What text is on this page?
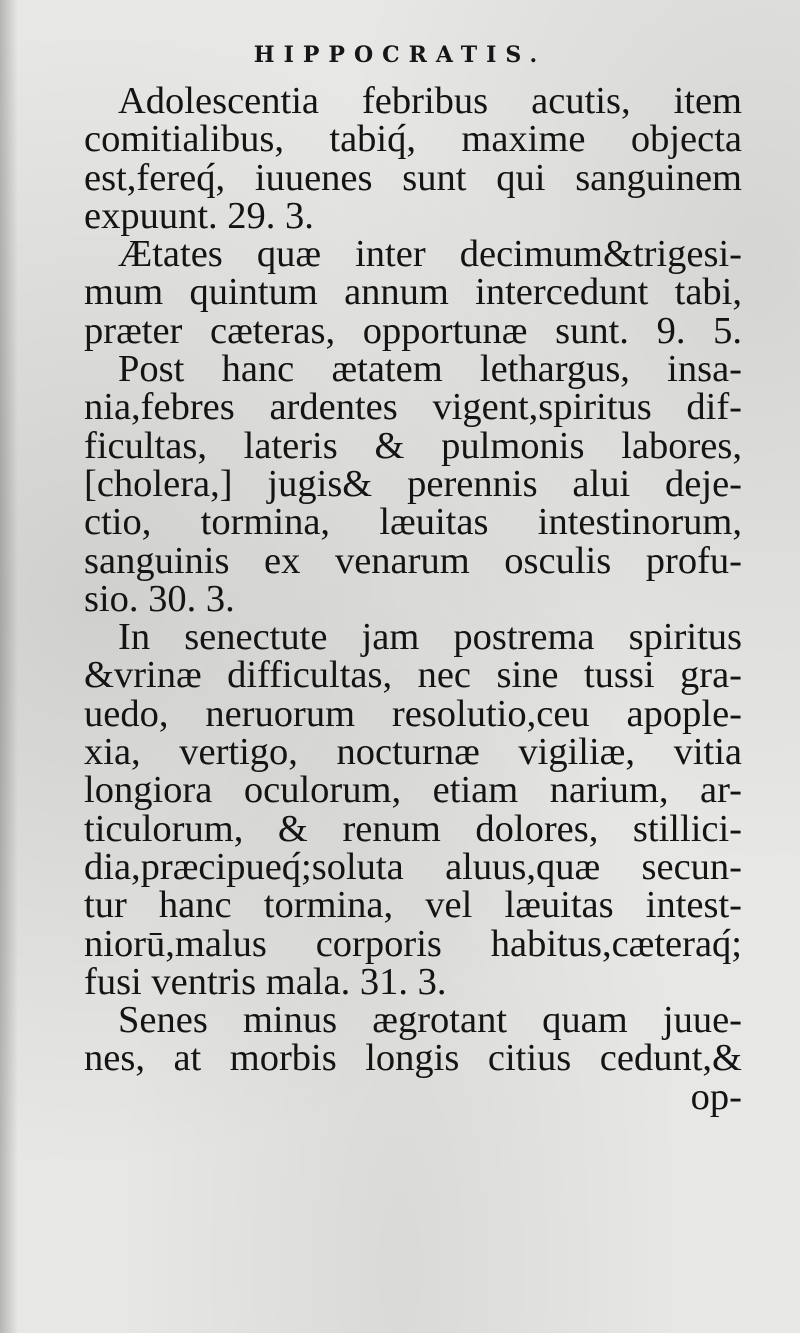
HIPPOCRATIS.
Adolescentia febribus acutis, item
comitialibus, tabiq́, maxime objecta
est,fereq́, iuuenes sunt qui sanguinem
expuunt. 29. 3.
Ætates quæ inter decimum&trigesi-
mum quintum annum intercedunt tabi,
præter cæteras, opportunæ sunt. 9. 5.
Post hanc ætatem lethargus, insa-
nia,febres ardentes vigent,spiritus dif-
ficultas, lateris & pulmonis labores,
[cholera,] jugis& perennis alui deje-
ctio, tormina, læuitas intestinorum,
sanguinis ex venarum osculis profu-
sio. 30. 3.
In senectute jam postrema spiritus
&vrinæ difficultas, nec sine tussi gra-
uedo, neruorum resolutio,ceu apople-
xia, vertigo, nocturnæ vigiliæ, vitia
longiora oculorum, etiam narium, ar-
ticulorum, & renum dolores, stillici-
dia,præcipueq́;soluta aluus,quæ secun-
tur hanc tormina, vel læuitas intest-
niorū,malus corporis habitus,cæteraq́;
fusi ventris mala. 31. 3.
Senes minus ægrotant quam juue-
nes, at morbis longis citius cedunt,&
op-
